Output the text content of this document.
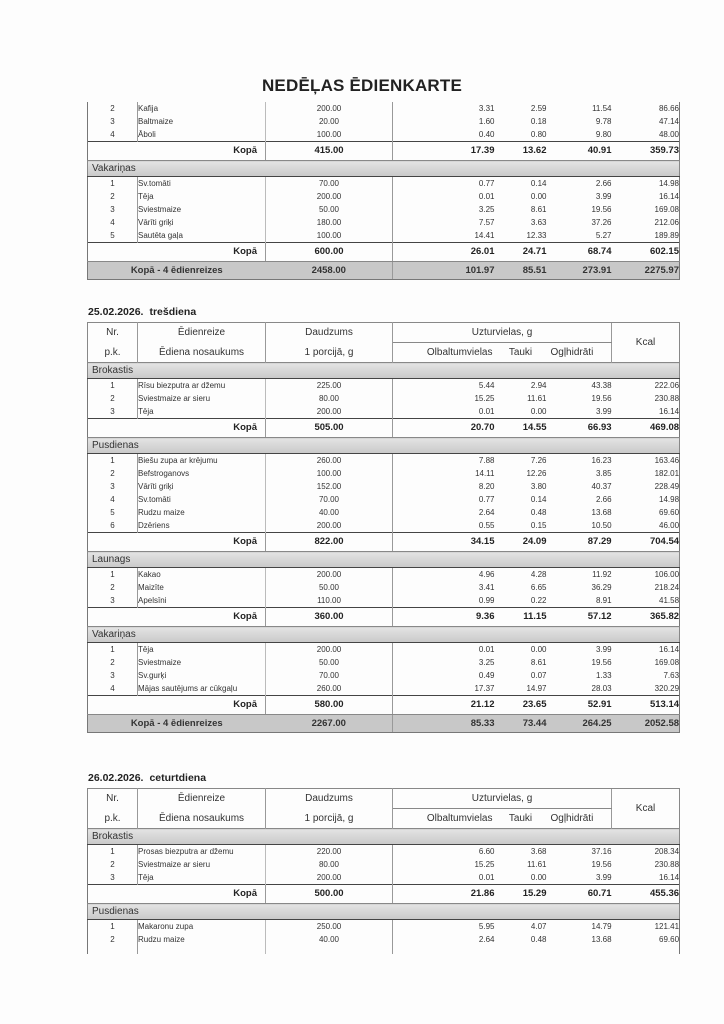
NEDĒĻAS ĒDIENKARTE
2	Kafija	200.00	3.31	2.59	11.54	86.66
3	Baltmaize	20.00	1.60	0.18	9.78	47.14
4	Āboli	100.00	0.40	0.80	9.80	48.00
Kopā		415.00	17.39	13.62	40.91	359.73
Vakariņas						
1	Sv.tomāti	70.00	0.77	0.14	2.66	14.98
2	Tēja	200.00	0.01	0.00	3.99	16.14
3	Sviestmaize	50.00	3.25	8.61	19.56	169.08
4	Vārīti griķi	180.00	7.57	3.63	37.26	212.06
5	Sautēta gaļa	100.00	14.41	12.33	5.27	189.89
Kopā		600.00	26.01	24.71	68.74	602.15
Kopā - 4 ēdienreizes		2458.00	101.97	85.51	273.91	2275.97
25.02.2026. trešdiena
Nr.	Ēdienreize	Daudzums	Uzturvielas, g			Kcal
p.k.	Ēdiena nosaukums	1 porcijā, g	Olbaltumvielas	Tauki	Ogļhidrāti	
Brokastis						
1	Rīsu biezputra ar džemu	225.00	5.44	2.94	43.38	222.06
2	Sviestmaize ar sieru	80.00	15.25	11.61	19.56	230.88
3	Tēja	200.00	0.01	0.00	3.99	16.14
Kopā		505.00	20.70	14.55	66.93	469.08
Pusdienas						
1	Biešu zupa ar krējumu	260.00	7.88	7.26	16.23	163.46
2	Befstroganovs	100.00	14.11	12.26	3.85	182.01
3	Vārīti griķi	152.00	8.20	3.80	40.37	228.49
4	Sv.tomāti	70.00	0.77	0.14	2.66	14.98
5	Rudzu maize	40.00	2.64	0.48	13.68	69.60
6	Dzēriens	200.00	0.55	0.15	10.50	46.00
Kopā		822.00	34.15	24.09	87.29	704.54
Launags						
1	Kakao	200.00	4.96	4.28	11.92	106.00
2	Maizīte	50.00	3.41	6.65	36.29	218.24
3	Apelsīni	110.00	0.99	0.22	8.91	41.58
Kopā		360.00	9.36	11.15	57.12	365.82
Vakariņas						
1	Tēja	200.00	0.01	0.00	3.99	16.14
2	Sviestmaize	50.00	3.25	8.61	19.56	169.08
3	Sv.gurķi	70.00	0.49	0.07	1.33	7.63
4	Mājas sautējums ar cūkgaļu	260.00	17.37	14.97	28.03	320.29
Kopā		580.00	21.12	23.65	52.91	513.14
Kopā - 4 ēdienreizes		2267.00	85.33	73.44	264.25	2052.58
26.02.2026. ceturtdiena
Nr.	Ēdienreize	Daudzums	Uzturvielas, g			Kcal
p.k.	Ēdiena nosaukums	1 porcijā, g	Olbaltumvielas	Tauki	Ogļhidrāti	
Brokastis						
1	Prosas biezputra ar džemu	220.00	6.60	3.68	37.16	208.34
2	Sviestmaize ar sieru	80.00	15.25	11.61	19.56	230.88
3	Tēja	200.00	0.01	0.00	3.99	16.14
Kopā		500.00	21.86	15.29	60.71	455.36
Pusdienas						
1	Makaronu zupa	250.00	5.95	4.07	14.79	121.41
2	Rudzu maize	40.00	2.64	0.48	13.68	69.60
